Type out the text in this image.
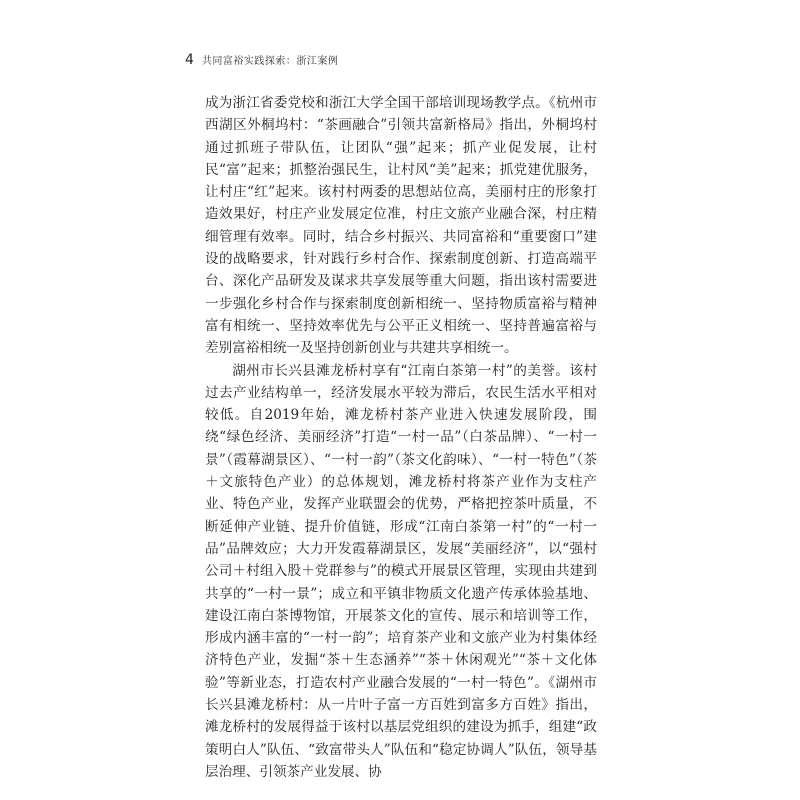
4 共同富裕实践探索：浙江案例

成为浙江省委党校和浙江大学全国干部培训现场教学点。《杭州市西湖区外桐坞村：“茶画融合”引领共富新格局》指出，外桐坞村通过抓班子带队伍，让团队“强”起来；抓产业促发展，让村民“富”起来；抓整治强民生，让村风“美”起来；抓党建优服务，让村庄“红”起来。该村村两委的思想站位高，美丽村庄的形象打造效果好，村庄产业发展定位准，村庄文旅产业融合深，村庄精细管理有效率。同时，结合乡村振兴、共同富裕和“重要窗口”建设的战略要求，针对践行乡村合作、探索制度创新、打造高端平台、深化产品研发及谋求共享发展等重大问题，指出该村需要进一步强化乡村合作与探索制度创新相统一、坚持物质富裕与精神富有相统一、坚持效率优先与公平正义相统一、坚持普遍富裕与差别富裕相统一及坚持创新创业与共建共享相统一。

湖州市长兴县滩龙桥村享有“江南白茶第一村”的美誉。该村过去产业结构单一，经济发展水平较为滞后，农民生活水平相对较低。自2019年始，滩龙桥村茶产业进入快速发展阶段，围绕“绿色经济、美丽经济”打造“一村一品”（白茶品牌）、“一村一景”（霞幕湖景区）、“一村一韵”（茶文化韵味）、“一村一特色”（茶＋文旅特色产业）的总体规划，滩龙桥村将茶产业作为支柱产业、特色产业，发挥产业联盟会的优势，严格把控茶叶质量，不断延伸产业链、提升价值链，形成“江南白茶第一村”的“一村一品”品牌效应；大力开发霞幕湖景区，发展“美丽经济”，以“强村公司＋村组入股＋党群参与”的模式开展景区管理，实现由共建到共享的“一村一景”；成立和平镇非物质文化遗产传承体验基地、建设江南白茶博物馆，开展茶文化的宣传、展示和培训等工作，形成内涵丰富的“一村一韵”；培育茶产业和文旅产业为村集体经济特色产业，发掘“茶＋生态涵养”“茶＋休闲观光”“茶＋文化体验”等新业态，打造农村产业融合发展的“一村一特色”。《湖州市长兴县滩龙桥村：从一片叶子富一方百姓到富多方百姓》指出，滩龙桥村的发展得益于该村以基层党组织的建设为抓手，组建“政策明白人”队伍、“致富带头人”队伍和“稳定协调人”队伍，领导基层治理、引领茶产业发展、协
